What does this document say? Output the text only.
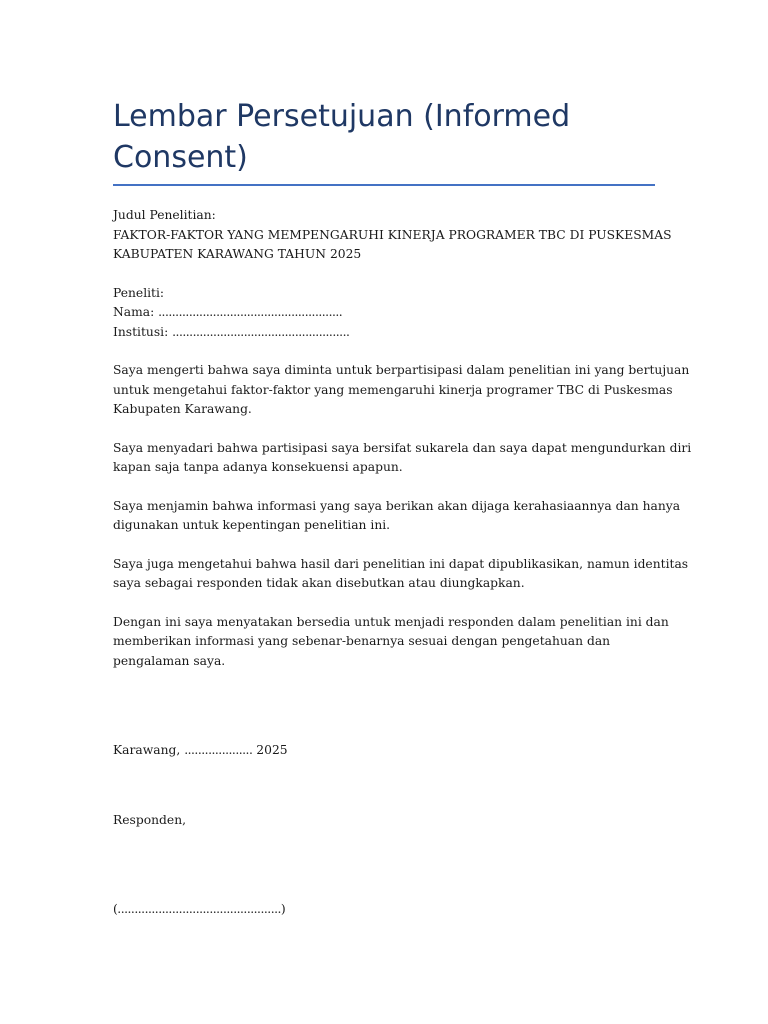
Lembar Persetujuan (Informed Consent)
Judul Penelitian:
FAKTOR-FAKTOR YANG MEMPENGARUHI KINERJA PROGRAMER TBC DI PUSKESMAS
KABUPATEN KARAWANG TAHUN 2025
Peneliti:
Nama: ......................................................
Institusi: ....................................................
Saya mengerti bahwa saya diminta untuk berpartisipasi dalam penelitian ini yang bertujuan
untuk mengetahui faktor-faktor yang memengaruhi kinerja programer TBC di Puskesmas
Kabupaten Karawang.
Saya menyadari bahwa partisipasi saya bersifat sukarela dan saya dapat mengundurkan diri
kapan saja tanpa adanya konsekuensi apapun.
Saya menjamin bahwa informasi yang saya berikan akan dijaga kerahasiaannya dan hanya
digunakan untuk kepentingan penelitian ini.
Saya juga mengetahui bahwa hasil dari penelitian ini dapat dipublikasikan, namun identitas
saya sebagai responden tidak akan disebutkan atau diungkapkan.
Dengan ini saya menyatakan bersedia untuk menjadi responden dalam penelitian ini dan
memberikan informasi yang sebenar-benarnya sesuai dengan pengetahuan dan
pengalaman saya.
Karawang, .................... 2025
Responden,
(................................................)
